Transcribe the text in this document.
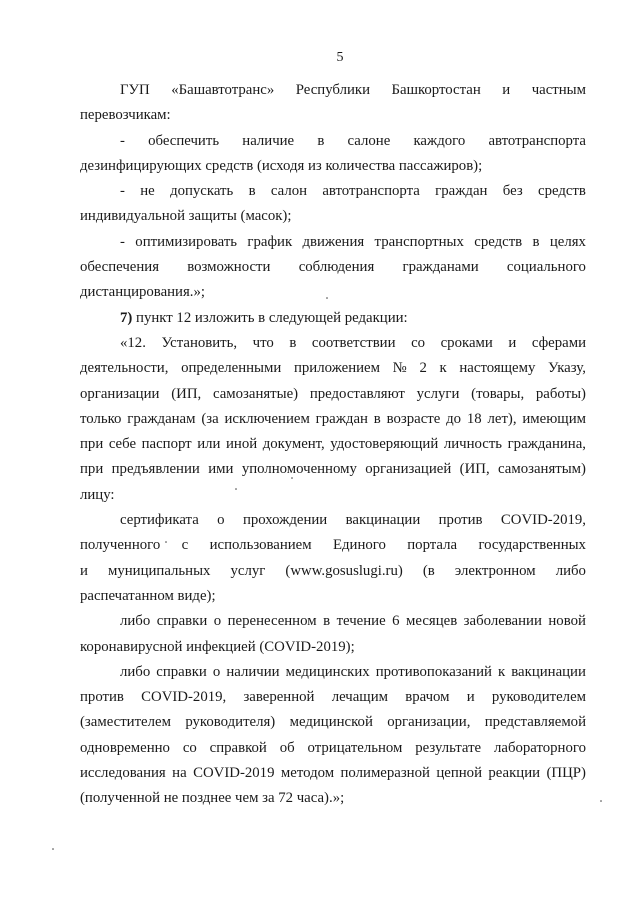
5
ГУП «Башавтотранс» Республики Башкортостан и частным
перевозчикам:
- обеспечить наличие в салоне каждого автотранспорта
дезинфицирующих средств (исходя из количества пассажиров);
- не допускать в салон автотранспорта граждан без средств
индивидуальной защиты (масок);
- оптимизировать график движения транспортных средств в целях
обеспечения возможности соблюдения гражданами социального
дистанцирования.»;
7) пункт 12 изложить в следующей редакции:
«12. Установить, что в соответствии со сроками и сферами
деятельности, определенными приложением № 2 к настоящему Указу,
организации (ИП, самозанятые) предоставляют услуги (товары, работы)
только гражданам (за исключением граждан в возрасте до 18 лет), имеющим
при себе паспорт или иной документ, удостоверяющий личность гражданина,
при предъявлении ими уполномоченному организацией (ИП, самозанятым)
лицу:
сертификата о прохождении вакцинации против COVID-2019,
полученного с использованием Единого портала государственных
и муниципальных услуг (www.gosuslugi.ru) (в электронном либо
распечатанном виде);
либо справки о перенесенном в течение 6 месяцев заболевании новой
коронавирусной инфекцией (COVID-2019);
либо справки о наличии медицинских противопоказаний к вакцинации
против COVID-2019, заверенной лечащим врачом и руководителем
(заместителем руководителя) медицинской организации, представляемой
одновременно со справкой об отрицательном результате лабораторного
исследования на COVID-2019 методом полимеразной цепной реакции (ПЦР)
(полученной не позднее чем за 72 часа).»;
